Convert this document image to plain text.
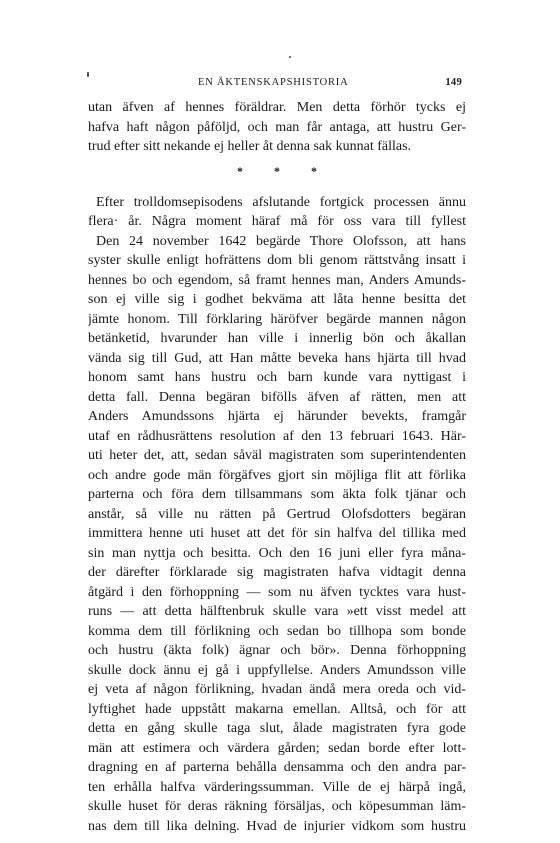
EN ÄKTENSKAPSHISTORIA	149
utan äfven af hennes föräldrar. Men detta förhör tycks ej
hafva haft någon påföljd, och man får antaga, att hustru Ger-
trud efter sitt nekande ej heller åt denna sak kunnat fällas.
* * *
Efter trolldomsepisodens afslutande fortgick processen ännu
flera· år. Några moment häraf må för oss vara till fyllest
Den 24 november 1642 begärde Thore Olofsson, att hans
syster skulle enligt hofrättens dom bli genom rättstvång insatt i
hennes bo och egendom, så framt hennes man, Anders Amunds-
son ej ville sig i godhet bekväma att låta henne besitta det
jämte honom. Till förklaring häröfver begärde mannen någon
betänketid, hvarunder han ville i innerlig bön och åkallan
vända sig till Gud, att Han måtte beveka hans hjärta till hvad
honom samt hans hustru och barn kunde vara nyttigast i
detta fall. Denna begäran bifölls äfven af rätten, men att
Anders Amundssons hjärta ej härunder bevekts, framgår
utaf en rådhusrättens resolution af den 13 februari 1643. Här-
uti heter det, att, sedan såväl magistraten som superintendenten
och andre gode män förgäfves gjort sin möjliga flit att förlika
parterna och föra dem tillsammans som äkta folk tjänar och
anstår, så ville nu rätten på Gertrud Olofsdotters begäran
immittera henne uti huset att det för sin halfva del tillika med
sin man nyttja och besitta. Och den 16 juni eller fyra måna-
der därefter förklarade sig magistraten hafva vidtagit denna
åtgärd i den förhoppning — som nu äfven tycktes vara hust-
runs — att detta hälftenbruk skulle vara »ett visst medel att
komma dem till förlikning och sedan bo tillhopa som bonde
och hustru (äkta folk) ägnar och bör». Denna förhoppning
skulle dock ännu ej gå i uppfyllelse. Anders Amundsson ville
ej veta af någon förlikning, hvadan ändå mera oreda och vid-
lyftighet hade uppstått makarna emellan. Alltså, och för att
detta en gång skulle taga slut, ålade magistraten fyra gode
män att estimera och värdera gården; sedan borde efter lott-
dragning en af parterna behålla densamma och den andra par-
ten erhålla halfva värderingssumman. Ville de ej härpå ingå,
skulle huset för deras räkning försäljas, och köpesumman läm-
nas dem till lika delning. Hvad de injurier vidkom som hustru
